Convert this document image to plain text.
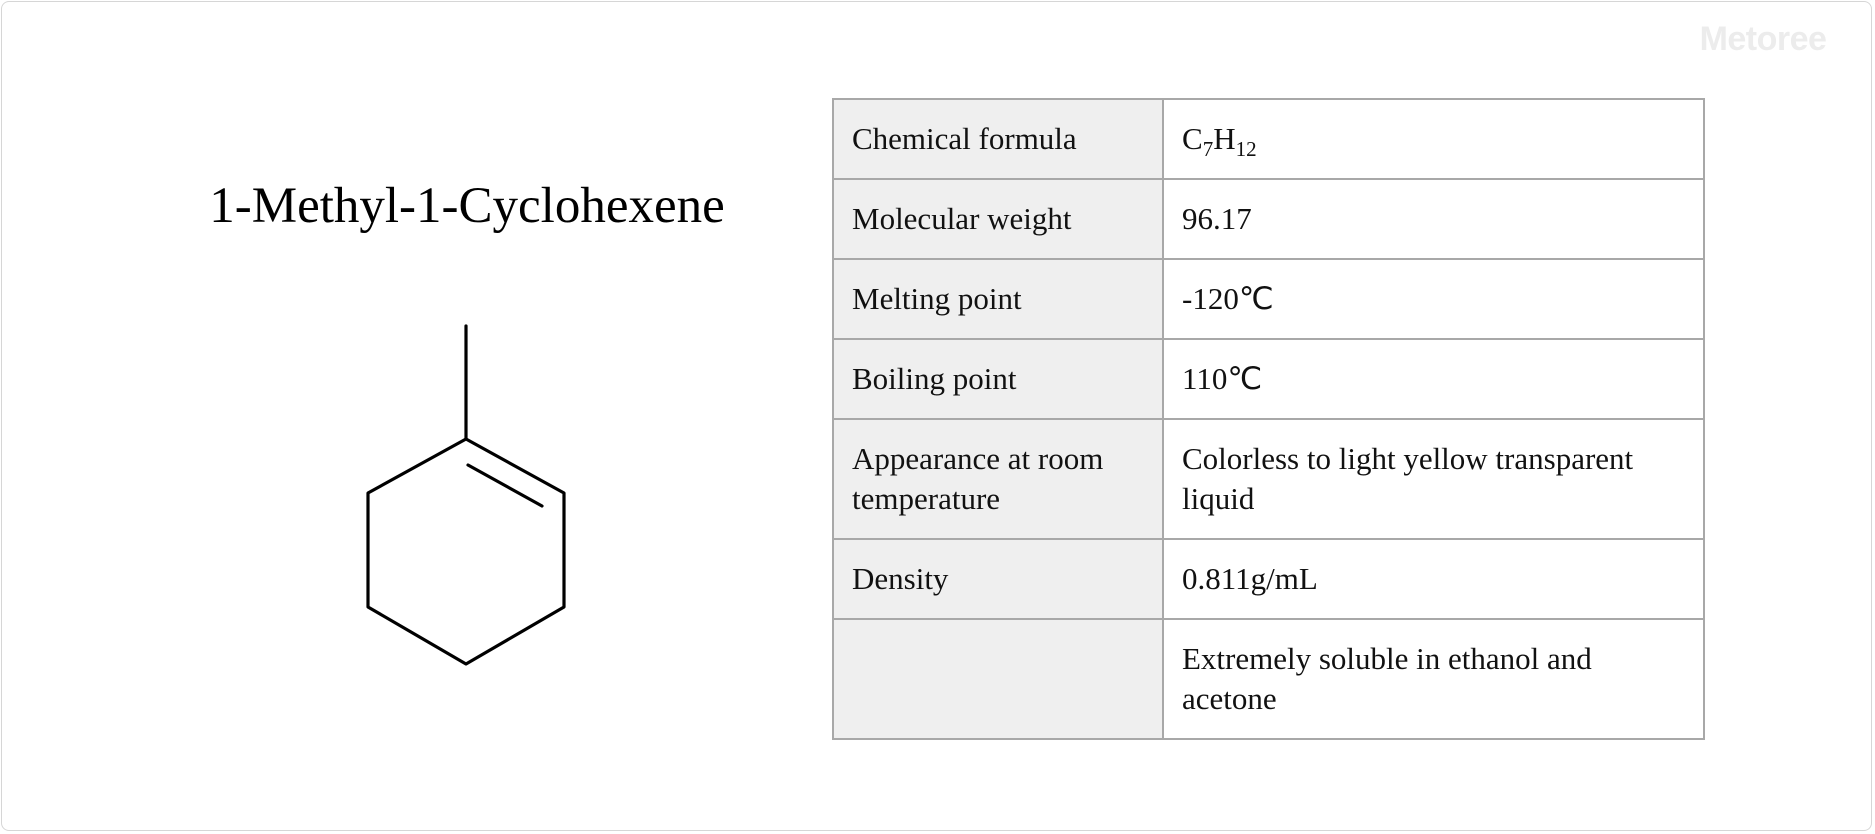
Metoree
1-Methyl-1-Cyclohexene
Chemical formula	$C_7H_{12}$
Molecular weight	96.17
Melting point	-120℃
Boiling point	110℃
Appearance at room temperature	Colorless to light yellow transparent liquid
Density	0.811g/mL
	Extremely soluble in ethanol and acetone
